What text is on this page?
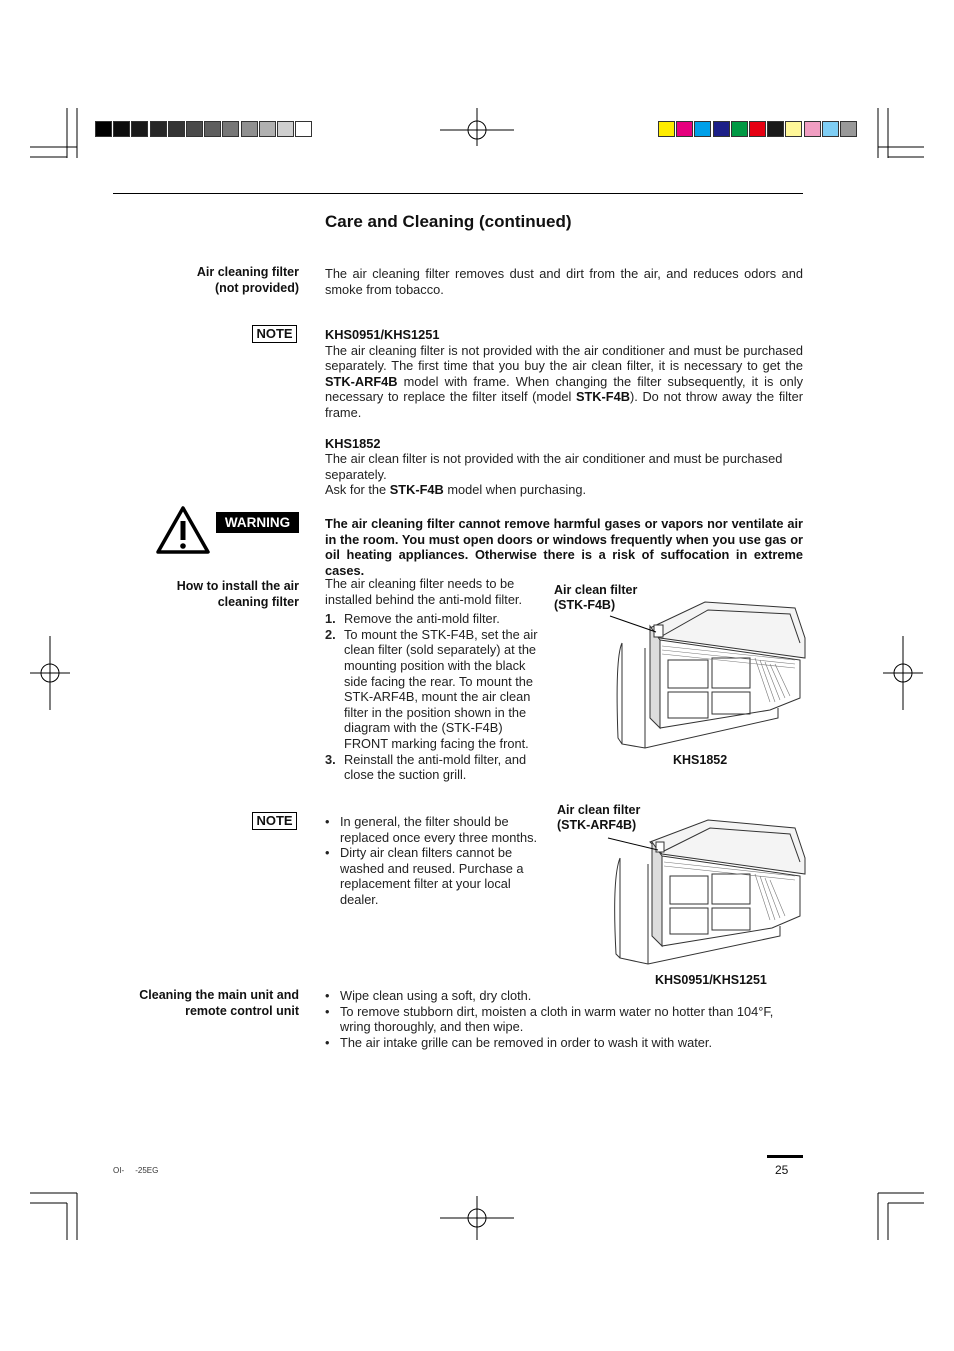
Care and Cleaning (continued)
Air cleaning filter
(not provided)
The air cleaning filter removes dust and dirt from the air, and reduces odors and smoke from tobacco.
NOTE	KHS0951/KHS1251
The air cleaning filter is not provided with the air conditioner and must be purchased separately. The first time that you buy the air clean filter, it is necessary to get the STK-ARF4B model with frame. When changing the filter subsequently, it is only necessary to replace the filter itself (model STK-F4B). Do not throw away the filter frame.
KHS1852
The air clean filter is not provided with the air conditioner and must be purchased separately.
Ask for the STK-F4B model when purchasing.
WARNING	The air cleaning filter cannot remove harmful gases or vapors nor ventilate air in the room. You must open doors or windows frequently when you use gas or oil heating appliances. Otherwise there is a risk of suffocation in extreme cases.
How to install the air
cleaning filter
The air cleaning filter needs to be installed behind the anti-mold filter.
1. Remove the anti-mold filter.
2. To mount the STK-F4B, set the air clean filter (sold separately) at the mounting position with the black side facing the rear. To mount the STK-ARF4B, mount the air clean filter in the position shown in the diagram with the (STK-F4B) FRONT marking facing the front.
3. Reinstall the anti-mold filter, and close the suction grill.
Air clean filter
(STK-F4B)
KHS1852
NOTE	• In general, the filter should be replaced once every three months.
• Dirty air clean filters cannot be washed and reused. Purchase a replacement filter at your local dealer.
Air clean filter
(STK-ARF4B)
KHS0951/KHS1251
Cleaning the main unit and
remote control unit
• Wipe clean using a soft, dry cloth.
• To remove stubborn dirt, moisten a cloth in warm water no hotter than 104°F, wring thoroughly, and then wipe.
• The air intake grille can be removed in order to wash it with water.
OI-     -25EG	25
